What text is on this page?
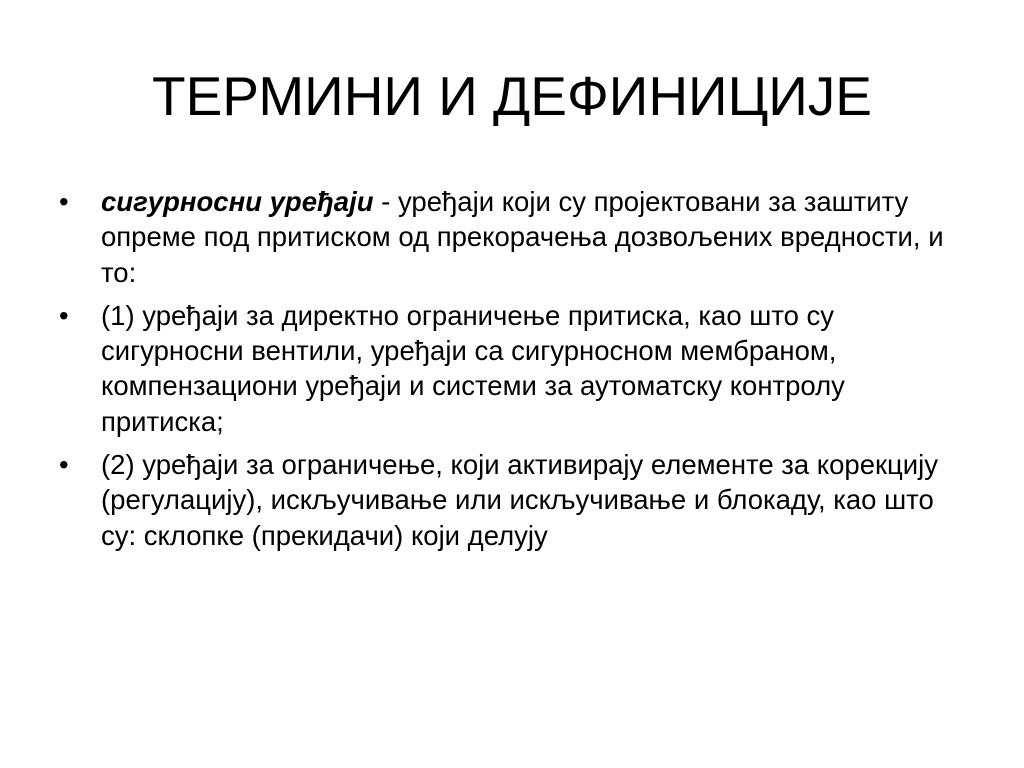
ТЕРМИНИ И ДЕФИНИЦИЈЕ
•	сигурносни уређаји - уређаји који су пројектовани за заштиту опреме под притиском од прекорачења дозвољених вредности, и то:
•	(1) уређаји за директно ограничење притиска, као што су сигурносни вентили, уређаји са сигурносном мембраном, компензациони уређаји и системи за аутоматску контролу притиска;
•	(2) уређаји за ограничење, који активирају елементе за корекцију (регулацију), искључивање или искључивање и блокаду, као што су: склопке (прекидачи) који делују
